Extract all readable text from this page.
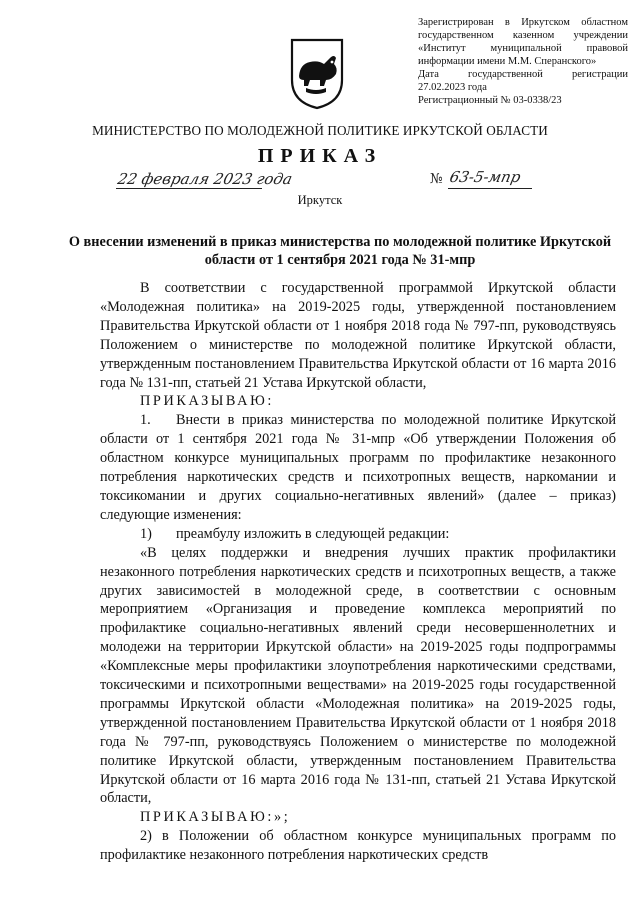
Зарегистрирован в Иркутском областном

государственном казенном учреждении

«Институт муниципальной правовой

информации имени М.М. Сперанского»

Дата государственной регистрации

27.02.2023 года

Регистрационный № 03-0338/23

МИНИСТЕРСТВО ПО МОЛОДЕЖНОЙ ПОЛИТИКЕ ИРКУТСКОЙ ОБЛАСТИ
ПРИКАЗ
22 февраля 2023 года	№ 63-5-мпр
Иркутск
О внесении изменений в приказ министерства по молодежной политике Иркутской области от 1 сентября 2021 года № 31-мпр

В соответствии с государственной программой Иркутской области «Молодежная политика» на 2019-2025 годы, утвержденной постановлением Правительства Иркутской области от 1 ноября 2018 года № 797-пп, руководствуясь Положением о министерстве по молодежной политике Иркутской области, утвержденным постановлением Правительства Иркутской области от 16 марта 2016 года № 131-пп, статьей 21 Устава Иркутской области,

ПРИКАЗЫВАЮ:

1. Внести в приказ министерства по молодежной политике Иркутской области от 1 сентября 2021 года № 31-мпр «Об утверждении Положения об областном конкурсе муниципальных программ по профилактике незаконного потребления наркотических средств и психотропных веществ, наркомании и токсикомании и других социально-негативных явлений» (далее – приказ) следующие изменения:

1) преамбулу изложить в следующей редакции:

«В целях поддержки и внедрения лучших практик профилактики незаконного потребления наркотических средств и психотропных веществ, а также других зависимостей в молодежной среде, в соответствии с основным мероприятием «Организация и проведение комплекса мероприятий по профилактике социально-негативных явлений среди несовершеннолетних и молодежи на территории Иркутской области» на 2019-2025 годы подпрограммы «Комплексные меры профилактики злоупотребления наркотическими средствами, токсическими и психотропными веществами» на 2019-2025 годы государственной программы Иркутской области «Молодежная политика» на 2019-2025 годы, утвержденной постановлением Правительства Иркутской области от 1 ноября 2018 года № 797-пп, руководствуясь Положением о министерстве по молодежной политике Иркутской области, утвержденным постановлением Правительства Иркутской области от 16 марта 2016 года № 131-пп, статьей 21 Устава Иркутской области,

ПРИКАЗЫВАЮ:»;

2) в Положении об областном конкурсе муниципальных программ по профилактике незаконного потребления наркотических средств
